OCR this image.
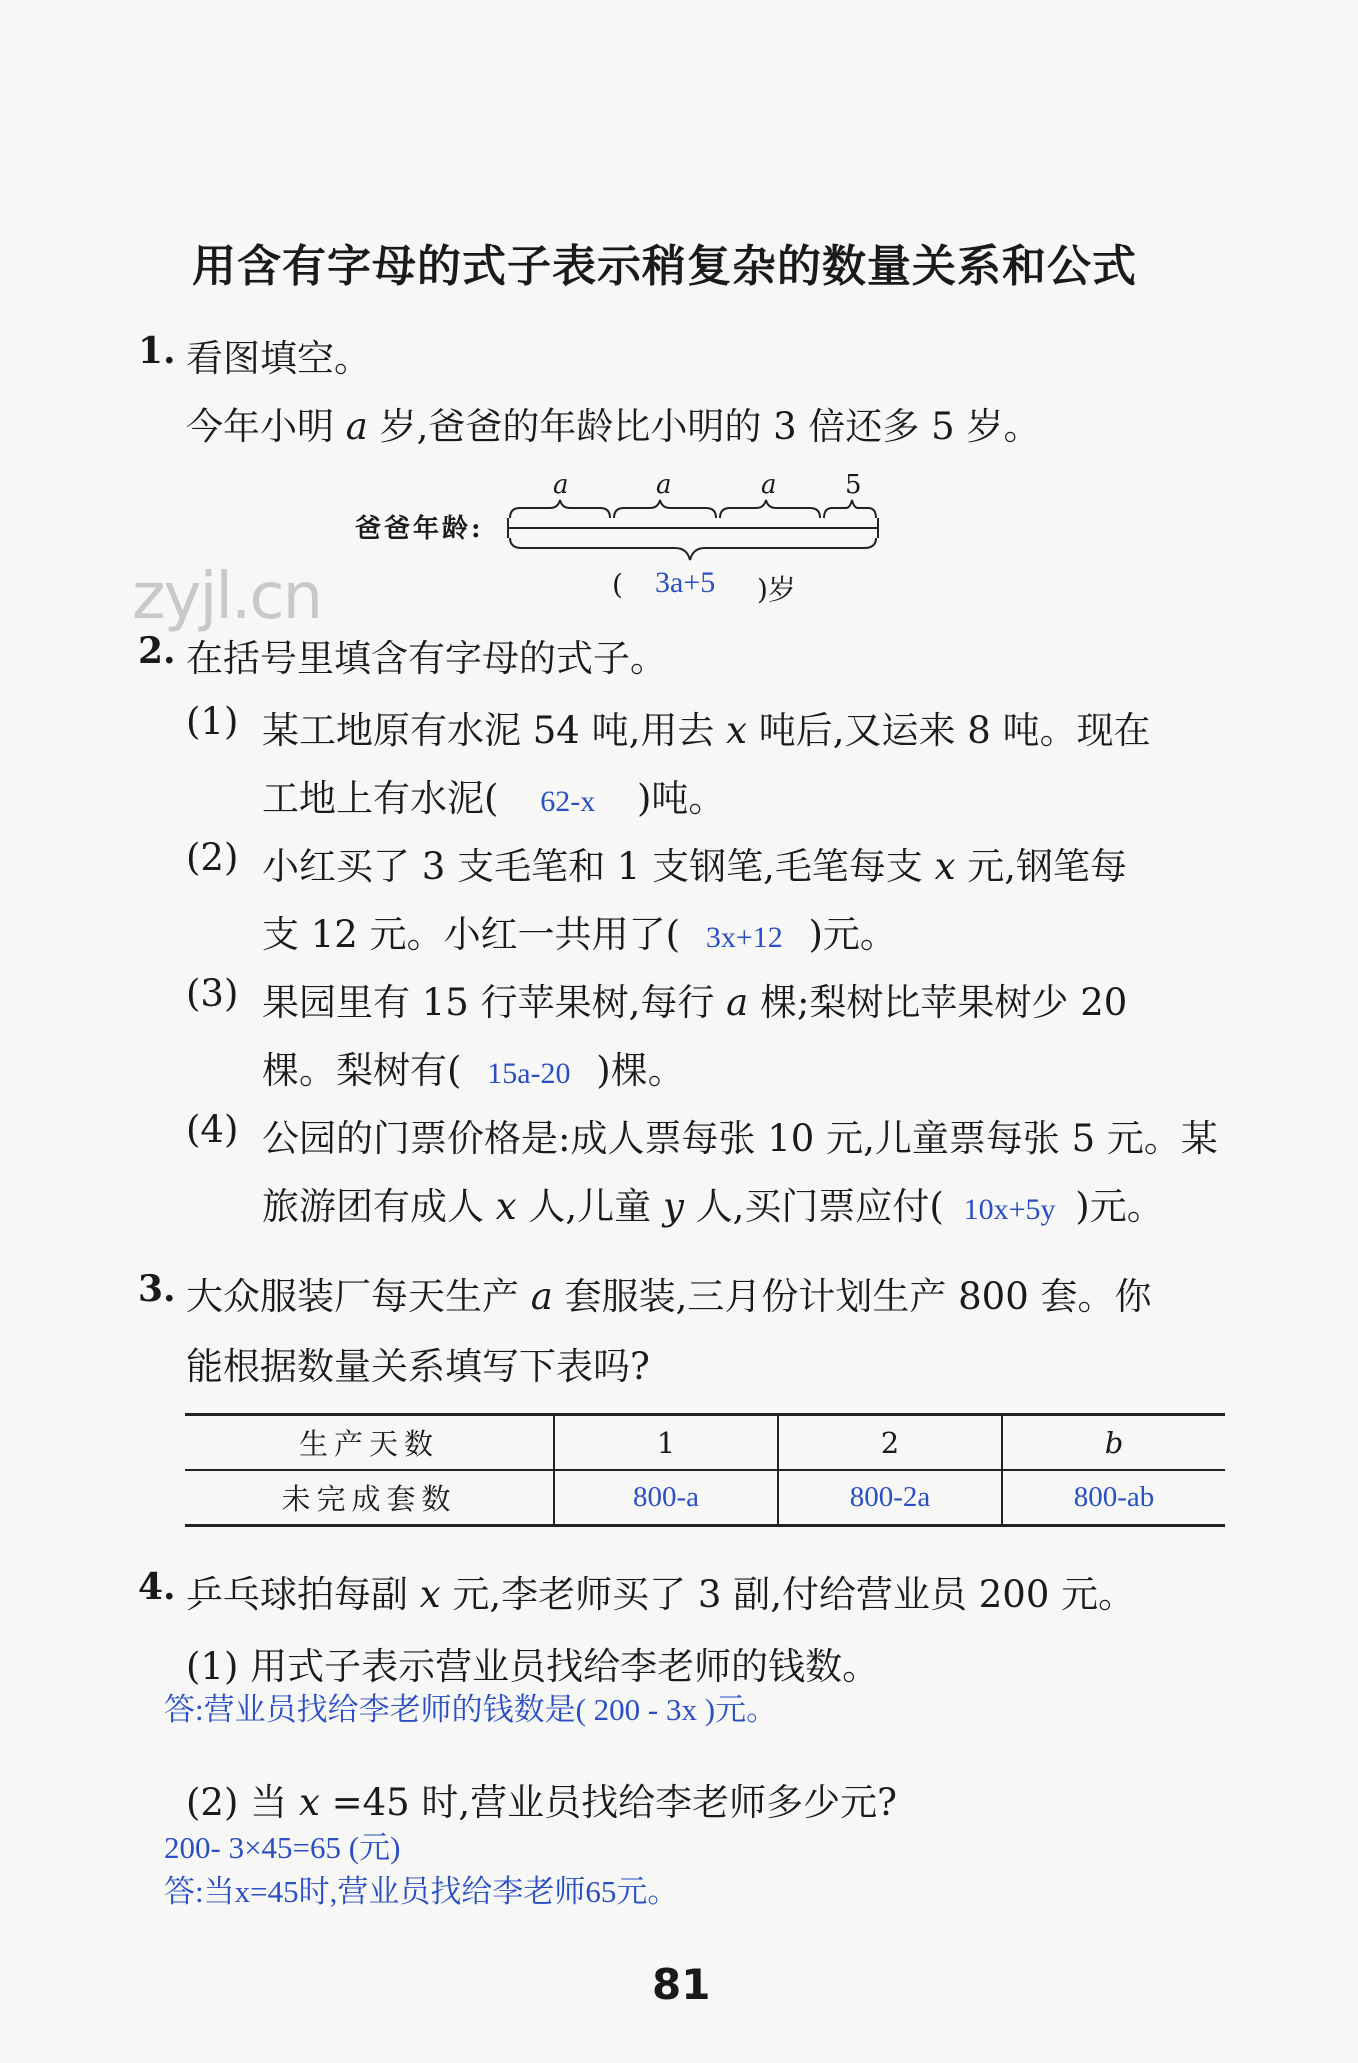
用含有字母的式子表示稍复杂的数量关系和公式
1. 看图填空。
今年小明 a 岁,爸爸的年龄比小明的 3 倍还多 5 岁。
爸爸年龄:
a	a	a	5
( 3a+5 )岁
zyjl.cn
2. 在括号里填含有字母的式子。
(1) 某工地原有水泥 54 吨,用去 x 吨后,又运来 8 吨。现在
工地上有水泥( 62-x )吨。
(2) 小红买了 3 支毛笔和 1 支钢笔,毛笔每支 x 元,钢笔每
支 12 元。小红一共用了( 3x+12 )元。
(3) 果园里有 15 行苹果树,每行 a 棵;梨树比苹果树少 20
棵。梨树有( 15a-20 )棵。
(4) 公园的门票价格是:成人票每张 10 元,儿童票每张 5 元。某
旅游团有成人 x 人,儿童 y 人,买门票应付( 10x+5y )元。
3. 大众服装厂每天生产 a 套服装,三月份计划生产 800 套。你
能根据数量关系填写下表吗?
生产天数	1	2	b
未完成套数	800-a	800-2a	800-ab
4. 乒乓球拍每副 x 元,李老师买了 3 副,付给营业员 200 元。
(1) 用式子表示营业员找给李老师的钱数。
答:营业员找给李老师的钱数是( 200 - 3x )元。
(2) 当 x =45 时,营业员找给李老师多少元?
200- 3×45=65 (元)
答:当x=45时,营业员找给李老师65元。
81
